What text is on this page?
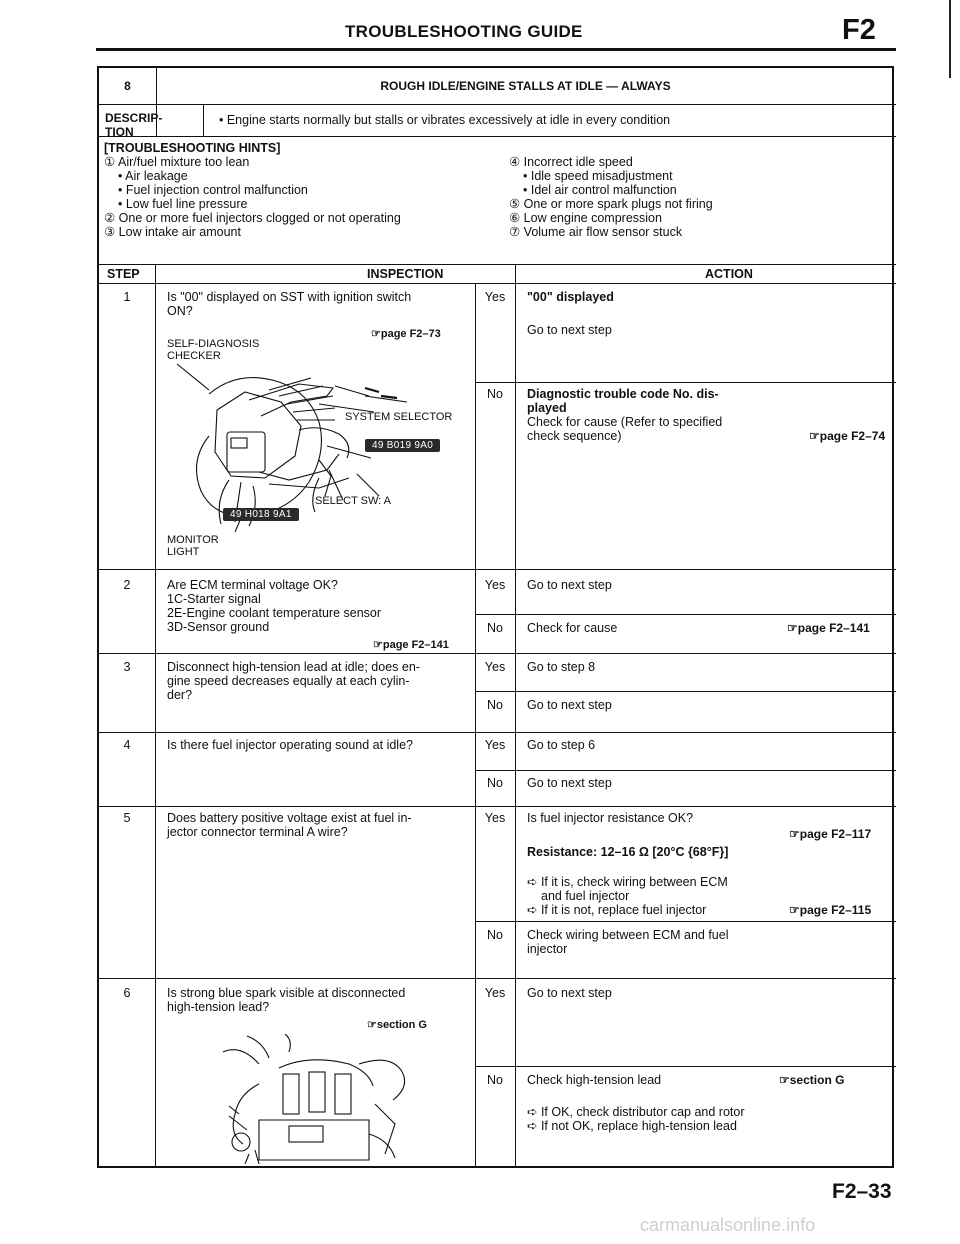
TROUBLESHOOTING GUIDE	F2
8	ROUGH IDLE/ENGINE STALLS AT IDLE — ALWAYS
DESCRIP-
TION
• Engine starts normally but stalls or vibrates excessively at idle in every condition
[TROUBLESHOOTING HINTS]
① Air/fuel mixture too lean
• Air leakage
• Fuel injection control malfunction
• Low fuel line pressure
② One or more fuel injectors clogged or not operating
③ Low intake air amount
④ Incorrect idle speed
• Idle speed misadjustment
• Idel air control malfunction
⑤ One or more spark plugs not firing
⑥ Low engine compression
⑦ Volume air flow sensor stuck
STEP	INSPECTION	ACTION
1	Is "00" displayed on SST with ignition switch
ON?
☞page F2–73
SELF-DIAGNOSIS
CHECKER
SYSTEM SELECTOR
49 B019 9A0
SELECT SW: A
49 H018 9A1
MONITOR
LIGHT
Yes	"00" displayed
Go to next step
No	Diagnostic trouble code No. dis-
played
Check for cause (Refer to specified
check sequence)	☞page F2–74
2	Are ECM terminal voltage OK?
1C-Starter signal
2E-Engine coolant temperature sensor
3D-Sensor ground
☞page F2–141
Yes	Go to next step
No	Check for cause	☞page F2–141
3	Disconnect high-tension lead at idle; does en-
gine speed decreases equally at each cylin-
der?
Yes	Go to step 8
No	Go to next step
4	Is there fuel injector operating sound at idle?	Yes	Go to step 6
No	Go to next step
5	Does battery positive voltage exist at fuel in-
jector connector terminal A wire?
Yes	Is fuel injector resistance OK?
☞page F2–117
Resistance: 12–16 Ω [20°C {68°F}]
➪ If it is, check wiring between ECM
and fuel injector
➪ If it is not, replace fuel injector	☞page F2–115
No	Check wiring between ECM and fuel
injector
6	Is strong blue spark visible at disconnected
high-tension lead?
☞section G
Yes	Go to next step
No	Check high-tension lead	☞section G
➪ If OK, check distributor cap and rotor
➪ If not OK, replace high-tension lead
F2–33
carmanualsonline.info
